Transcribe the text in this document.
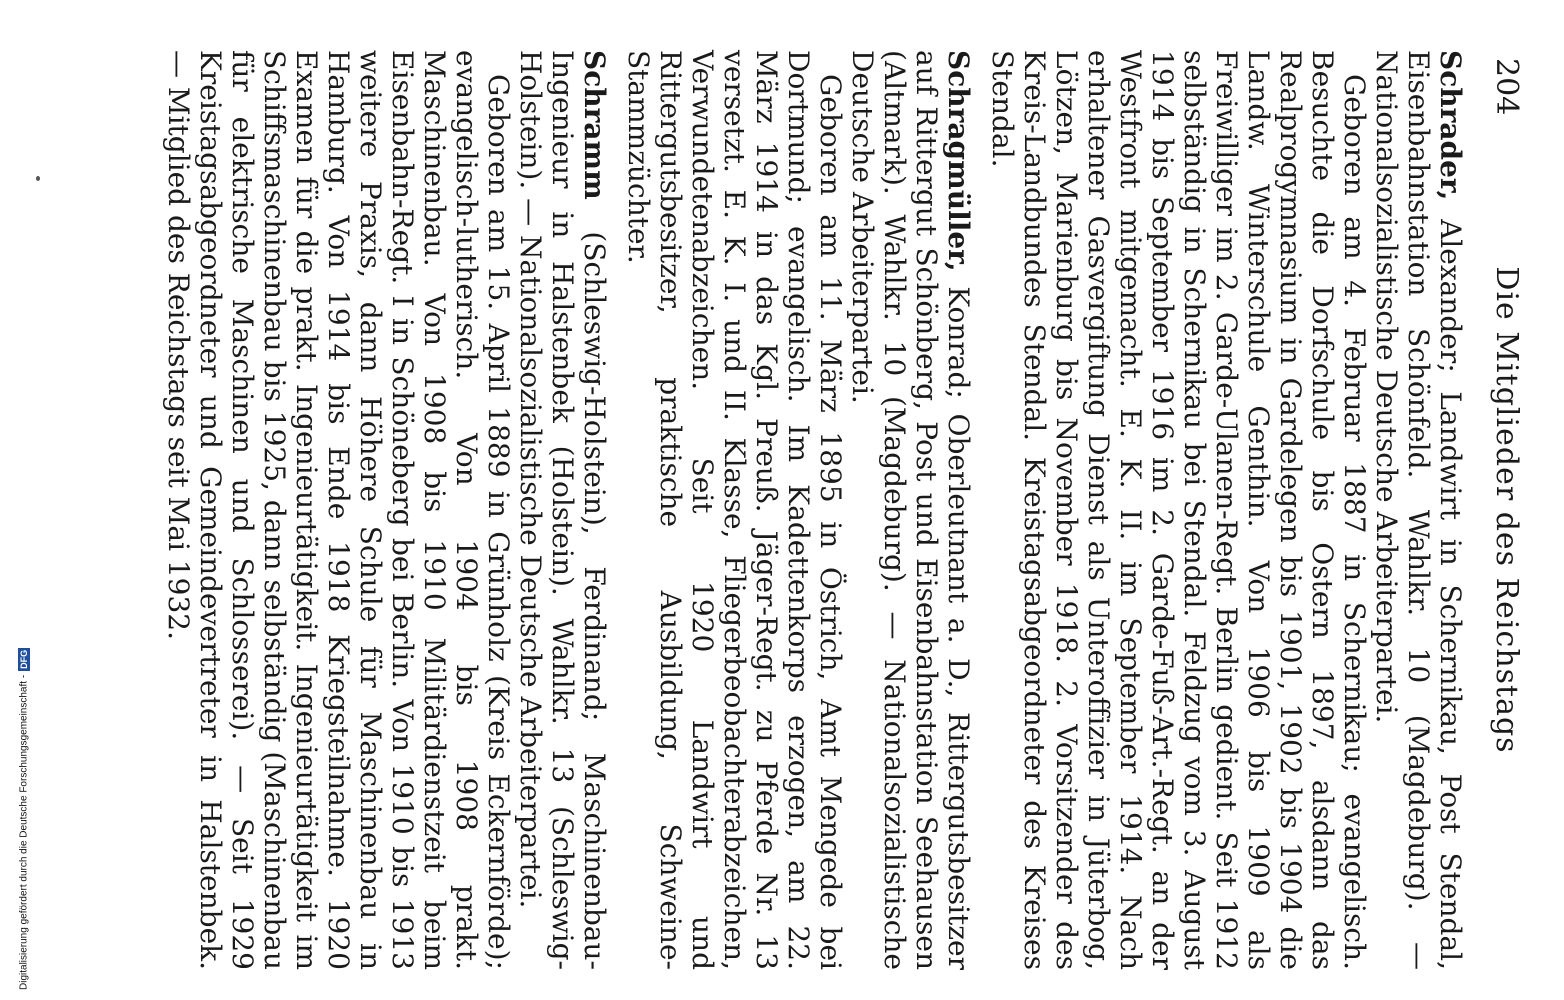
204
Die Mitglieder des Reichstags

Schrader, Alexander; Landwirt in Schernikau, Post Stendal, Eisenbahnstation Schönfeld. Wahlkr. 10 (Magdeburg). — Nationalsozialistische Deutsche Arbeiterpartei.

Geboren am 4. Februar 1887 in Schernikau; evangelisch. Besuchte die Dorfschule bis Ostern 1897, alsdann das Realprogymnasium in Gardelegen bis 1901, 1902 bis 1904 die Landw. Winterschule Genthin. Von 1906 bis 1909 als Freiwilliger im 2. Garde-Ulanen-Regt. Berlin gedient. Seit 1912 selbständig in Schernikau bei Stendal. Feldzug vom 3. August 1914 bis September 1916 im 2. Garde-Fuß-Art.-Regt. an der Westfront mitgemacht. E. K. II. im September 1914. Nach erhaltener Gasvergiftung Dienst als Unteroffizier in Jüterbog, Lötzen, Marienburg bis November 1918. 2. Vorsitzender des Kreis-Landbundes Stendal. Kreistagsabgeordneter des Kreises Stendal.

Schragmüller, Konrad; Oberleutnant a. D., Rittergutsbesitzer auf Rittergut Schönberg, Post und Eisenbahnstation Seehausen (Altmark). Wahlkr. 10 (Magdeburg). — Nationalsozialistische Deutsche Arbeiterpartei.

Geboren am 11. März 1895 in Östrich, Amt Mengede bei Dortmund; evangelisch. Im Kadettenkorps erzogen, am 22. März 1914 in das Kgl. Preuß. Jäger-Regt. zu Pferde Nr. 13 versetzt. E. K. I. und II. Klasse, Fliegerbeobachterabzeichen, Verwundetenabzeichen. Seit 1920 Landwirt und Rittergutsbesitzer, praktische Ausbildung, Schweine-Stammzüchter.

Schramm (Schleswig-Holstein), Ferdinand; Maschinenbau-Ingenieur in Halstenbek (Holstein). Wahlkr. 13 (Schleswig-Holstein). — Nationalsozialistische Deutsche Arbeiterpartei.

Geboren am 15. April 1889 in Grünholz (Kreis Eckernförde); evangelisch-lutherisch. Von 1904 bis 1908 prakt. Maschinenbau. Von 1908 bis 1910 Militärdienstzeit beim Eisenbahn-Regt. I in Schöneberg bei Berlin. Von 1910 bis 1913 weitere Praxis, dann Höhere Schule für Maschinenbau in Hamburg. Von 1914 bis Ende 1918 Kriegsteilnahme. 1920 Examen für die prakt. Ingenieurtätigkeit. Ingenieurtätigkeit im Schiffsmaschinenbau bis 1925, dann selbständig (Maschinenbau für elektrische Maschinen und Schlosserei). — Seit 1929 Kreistagsabgeordneter und Gemeindevertreter in Halstenbek. — Mitglied des Reichstags seit Mai 1932.

Digitalisierung gefördert durch die Deutsche Forschungsgemeinschaft -DFG
